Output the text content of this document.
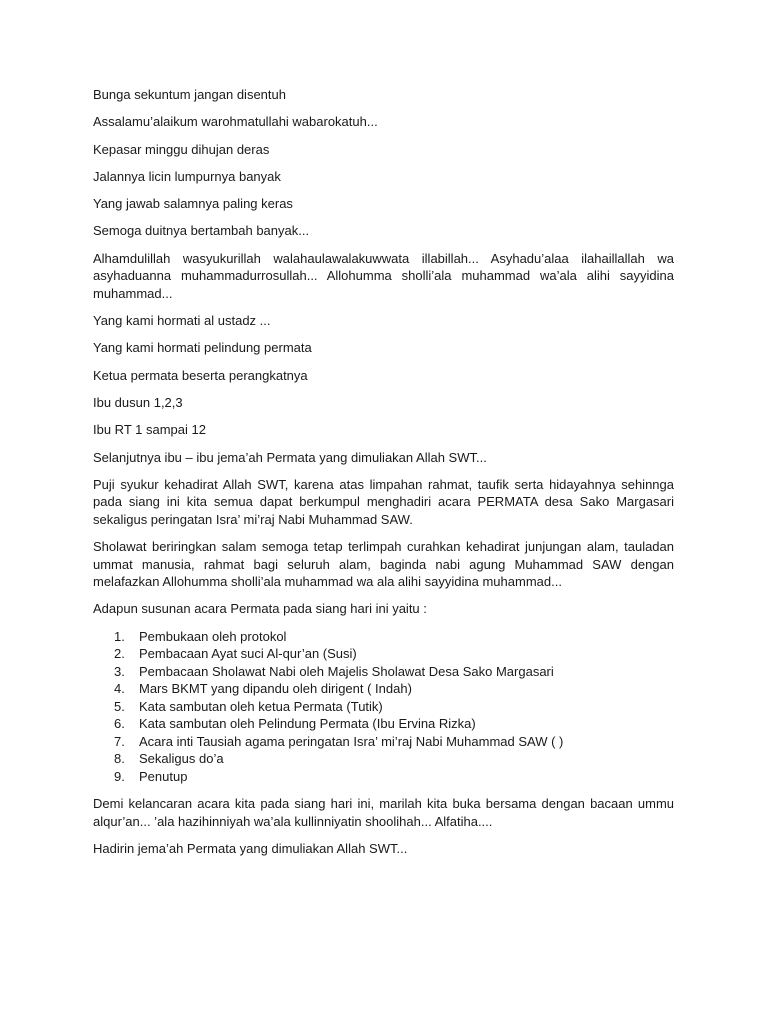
Bunga sekuntum jangan disentuh

Assalamu’alaikum warohmatullahi wabarokatuh...

Kepasar minggu dihujan deras

Jalannya licin lumpurnya banyak

Yang jawab salamnya paling keras

Semoga duitnya bertambah banyak...

Alhamdulillah wasyukurillah walahaulawalakuwwata illabillah... Asyhadu’alaa ilahaillallah wa asyhaduanna muhammadurrosullah... Allohumma sholli’ala muhammad wa’ala alihi sayyidina muhammad...

Yang kami hormati al ustadz ...

Yang kami hormati pelindung permata

Ketua permata beserta perangkatnya

Ibu dusun 1,2,3

Ibu RT 1 sampai 12

Selanjutnya ibu – ibu jema’ah Permata yang dimuliakan Allah SWT...

Puji syukur kehadirat Allah SWT, karena atas limpahan rahmat, taufik serta hidayahnya sehinnga pada siang ini kita semua dapat berkumpul menghadiri acara PERMATA desa Sako Margasari sekaligus peringatan Isra’ mi’raj Nabi Muhammad SAW.

Sholawat beriringkan salam semoga tetap terlimpah curahkan kehadirat junjungan alam, tauladan ummat manusia, rahmat bagi seluruh alam, baginda nabi agung Muhammad SAW dengan melafazkan Allohumma sholli’ala muhammad wa ala alihi sayyidina muhammad...

Adapun susunan acara Permata pada siang hari ini yaitu :

1.	Pembukaan oleh protokol
2.	Pembacaan Ayat suci Al-qur’an (Susi)
3.	Pembacaan Sholawat Nabi oleh Majelis Sholawat Desa Sako Margasari
4.	Mars BKMT yang dipandu oleh dirigent ( Indah)
5.	Kata sambutan oleh ketua Permata (Tutik)
6.	Kata sambutan oleh Pelindung Permata (Ibu Ervina Rizka)
7.	Acara inti Tausiah agama peringatan Isra’ mi’raj Nabi Muhammad SAW ( )
8.	Sekaligus do’a
9.	Penutup

Demi kelancaran acara kita pada siang hari ini, marilah kita buka bersama dengan bacaan ummu alqur’an... ’ala hazihinniyah wa’ala kullinniyatin shoolihah... Alfatiha....

Hadirin jema’ah Permata yang dimuliakan Allah SWT...
